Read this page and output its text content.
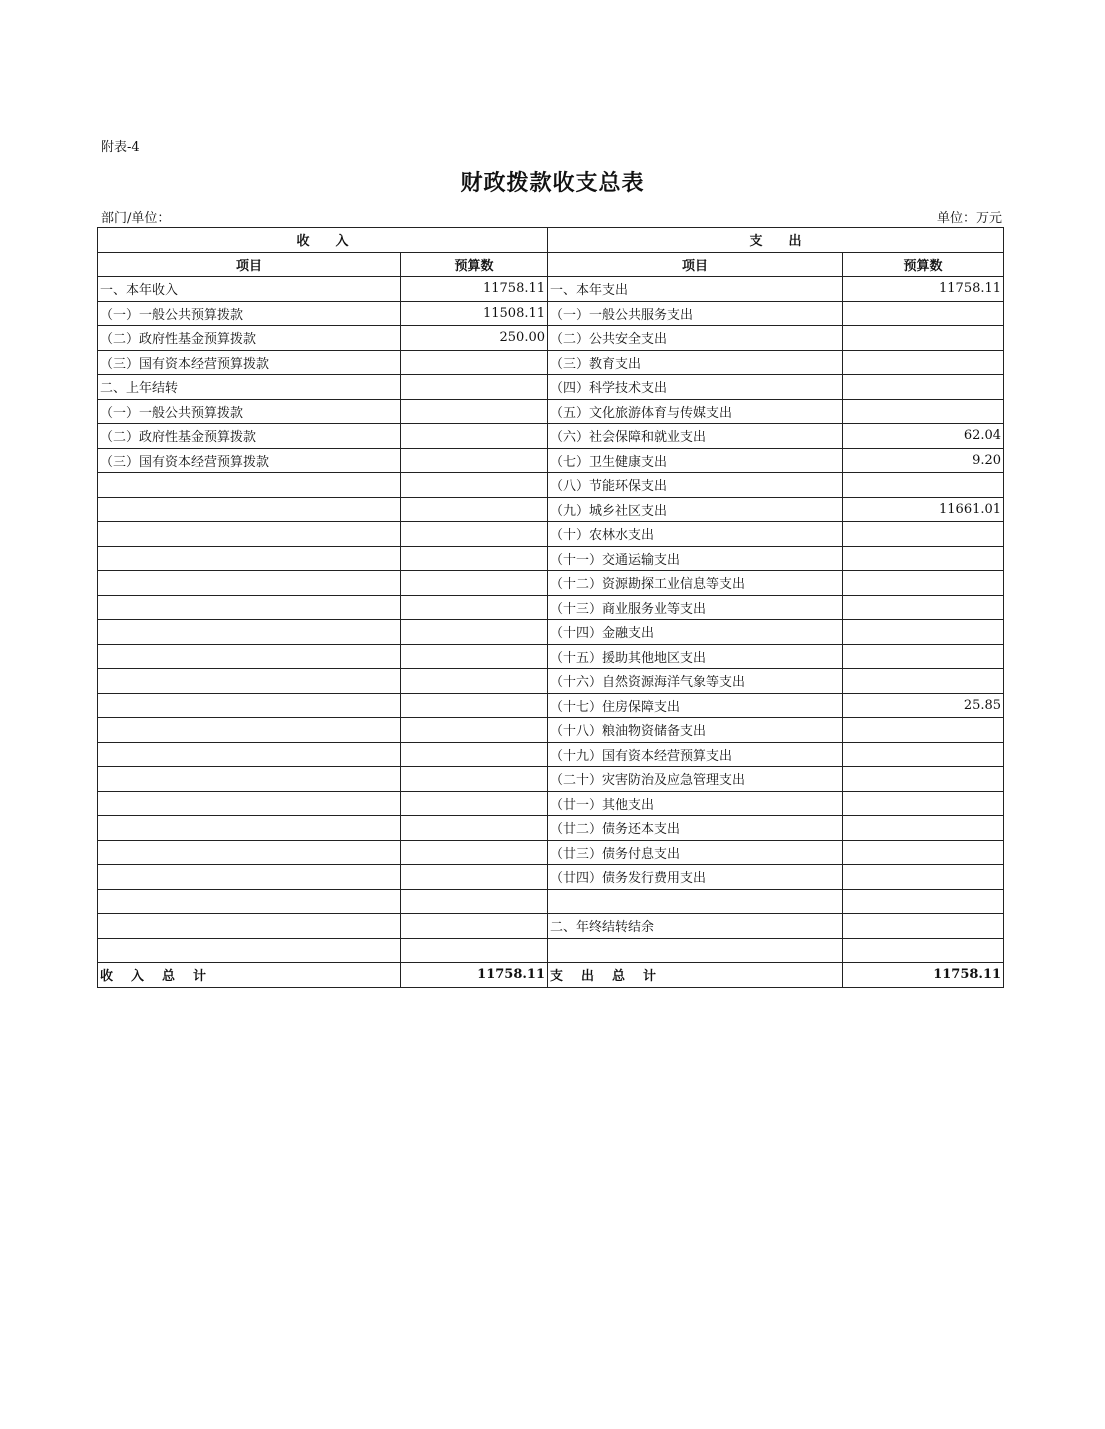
附表-4
财政拨款收支总表
部门/单位：	单位：万元
收　　入		支　　出	
项目	预算数	项目	预算数
一、本年收入	11758.11	一、本年支出	11758.11
（一）一般公共预算拨款	11508.11	（一）一般公共服务支出	
（二）政府性基金预算拨款	250.00	（二）公共安全支出	
（三）国有资本经营预算拨款		（三）教育支出	
二、上年结转		（四）科学技术支出	
（一）一般公共预算拨款		（五）文化旅游体育与传媒支出	
（二）政府性基金预算拨款		（六）社会保障和就业支出	62.04
（三）国有资本经营预算拨款		（七）卫生健康支出	9.20
		（八）节能环保支出	
		（九）城乡社区支出	11661.01
		（十）农林水支出	
		（十一）交通运输支出	
		（十二）资源勘探工业信息等支出	
		（十三）商业服务业等支出	
		（十四）金融支出	
		（十五）援助其他地区支出	
		（十六）自然资源海洋气象等支出	
		（十七）住房保障支出	25.85
		（十八）粮油物资储备支出	
		（十九）国有资本经营预算支出	
		（二十）灾害防治及应急管理支出	
		（廿一）其他支出	
		（廿二）债务还本支出	
		（廿三）债务付息支出	
		（廿四）债务发行费用支出	

		二、年终结转结余	

收入总计	11758.11	支出总计	11758.11
